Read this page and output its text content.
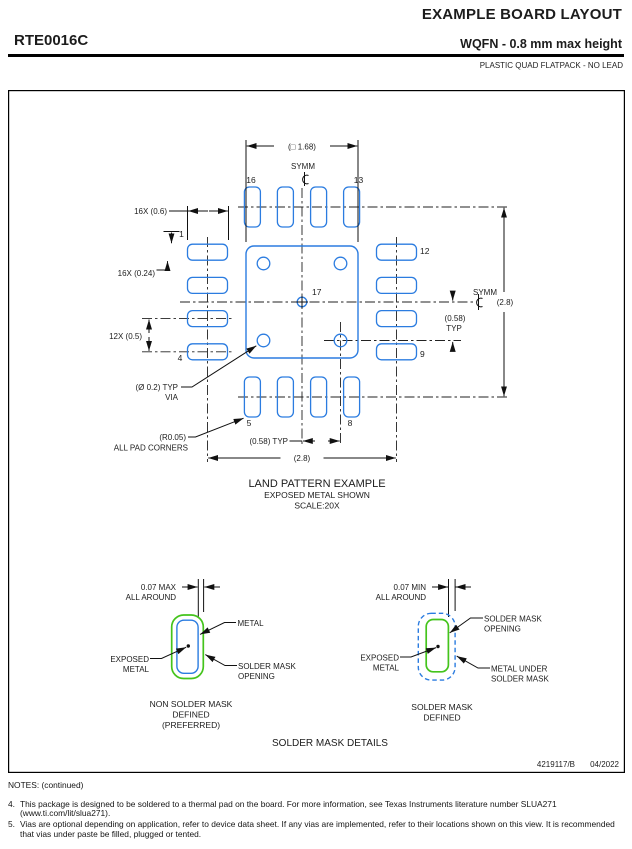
EXAMPLE BOARD LAYOUT
RTE0016C	WQFN - 0.8 mm max height
PLASTIC QUAD FLATPACK - NO LEAD
(□ 1.68)
SYMM
16X (0.6)
16X (0.24)
1
12X (0.5)
4
(Ø 0.2) TYP
VIA
(R0.05)
ALL PAD CORNERS
16	13
12
9
5	8
17
(0.58)
TYP
SYMM
(2.8)
(0.58) TYP
(2.8)
LAND PATTERN EXAMPLE
EXPOSED METAL SHOWN
SCALE:20X
0.07 MAX
ALL AROUND
METAL
EXPOSED
METAL	SOLDER MASK
OPENING
NON SOLDER MASK
DEFINED
(PREFERRED)
0.07 MIN
ALL AROUND
SOLDER MASK
OPENING
EXPOSED
METAL	METAL UNDER
SOLDER MASK
SOLDER MASK
DEFINED
SOLDER MASK DETAILS
4219117/B 04/2022

NOTES: (continued)

4. This package is designed to be soldered to a thermal pad on the board. For more information, see Texas Instruments literature number SLUA271 (www.ti.com/lit/slua271).
5. Vias are optional depending on application, refer to device data sheet. If any vias are implemented, refer to their locations shown on this view. It is recommended that vias under paste be filled, plugged or tented.
